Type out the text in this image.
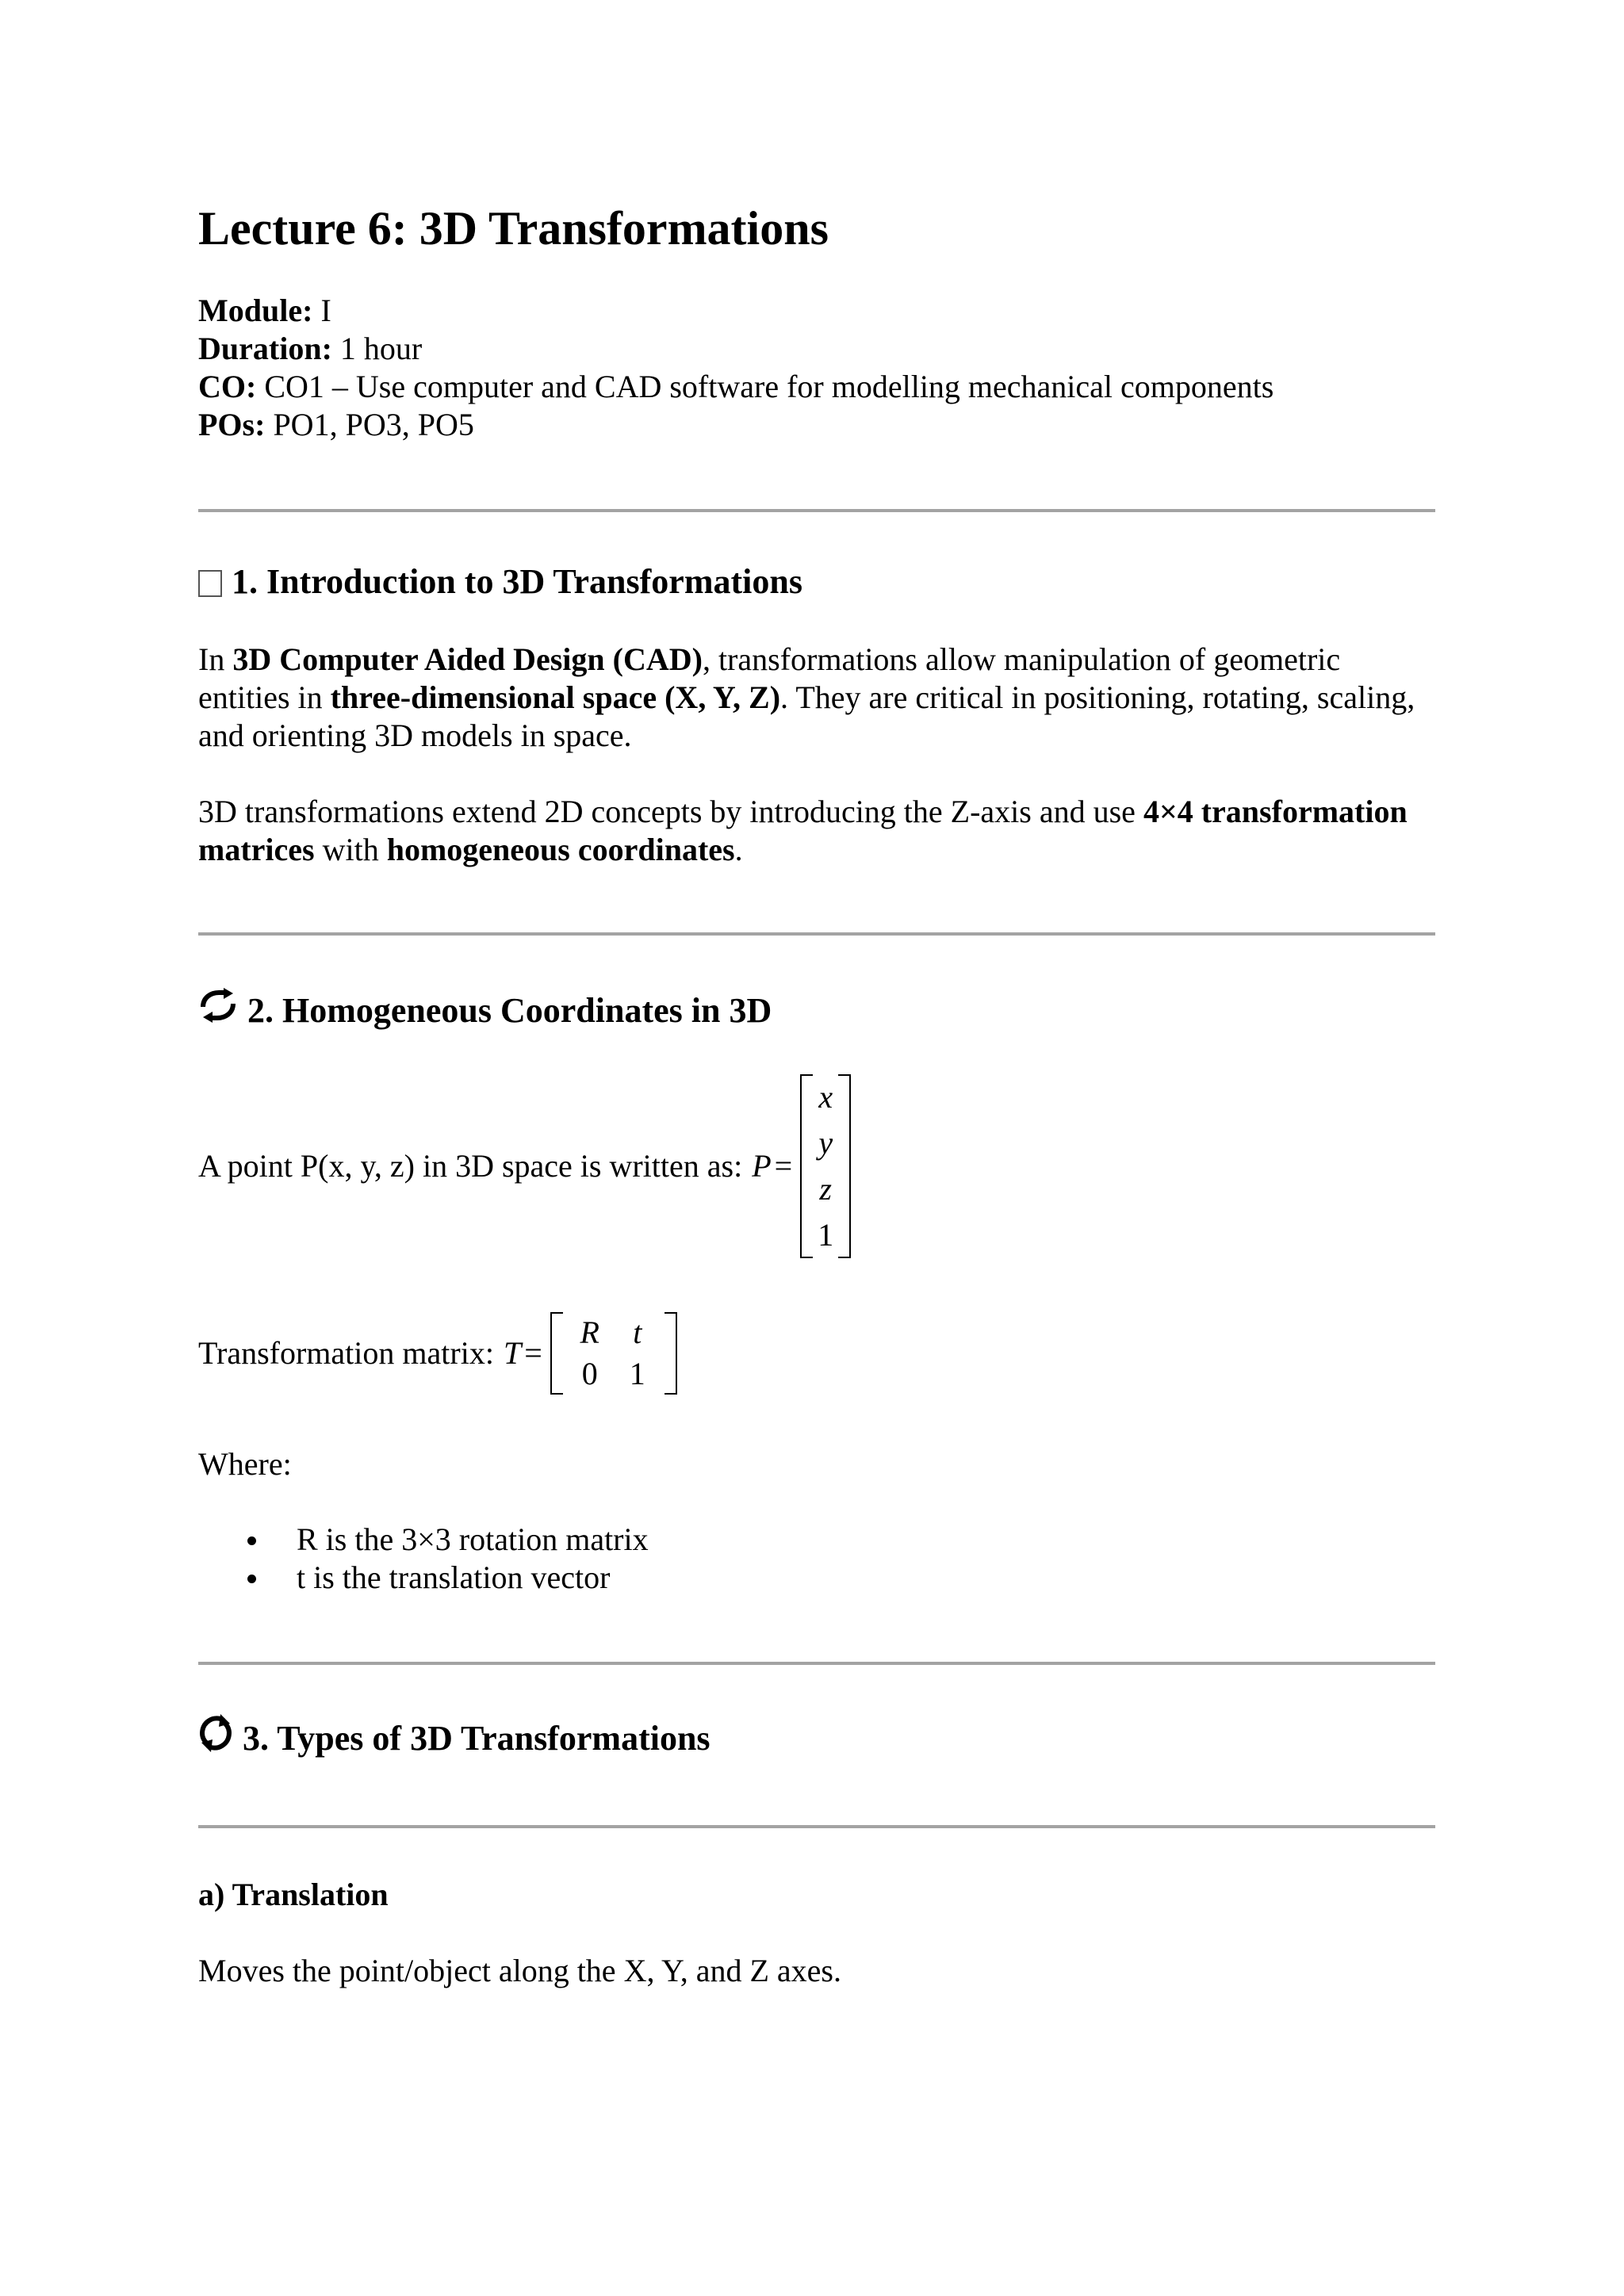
Lecture 6: 3D Transformations
Module: I
Duration: 1 hour
CO: CO1 – Use computer and CAD software for modelling mechanical components
POs: PO1, PO3, PO5
1. Introduction to 3D Transformations

In 3D Computer Aided Design (CAD), transformations allow manipulation of geometric entities in three-dimensional space (X, Y, Z). They are critical in positioning, rotating, scaling, and orienting 3D models in space.

3D transformations extend 2D concepts by introducing the Z-axis and use 4×4 transformation matrices with homogeneous coordinates.

2. Homogeneous Coordinates in 3D
A point P(x, y, z) in 3D space is written as: P =
x
y
z
1
Transformation matrix: T =
R	t
0	1

Where:

R is the 3×3 rotation matrix
t is the translation vector
3. Types of 3D Transformations
a) Translation

Moves the point/object along the X, Y, and Z axes.
